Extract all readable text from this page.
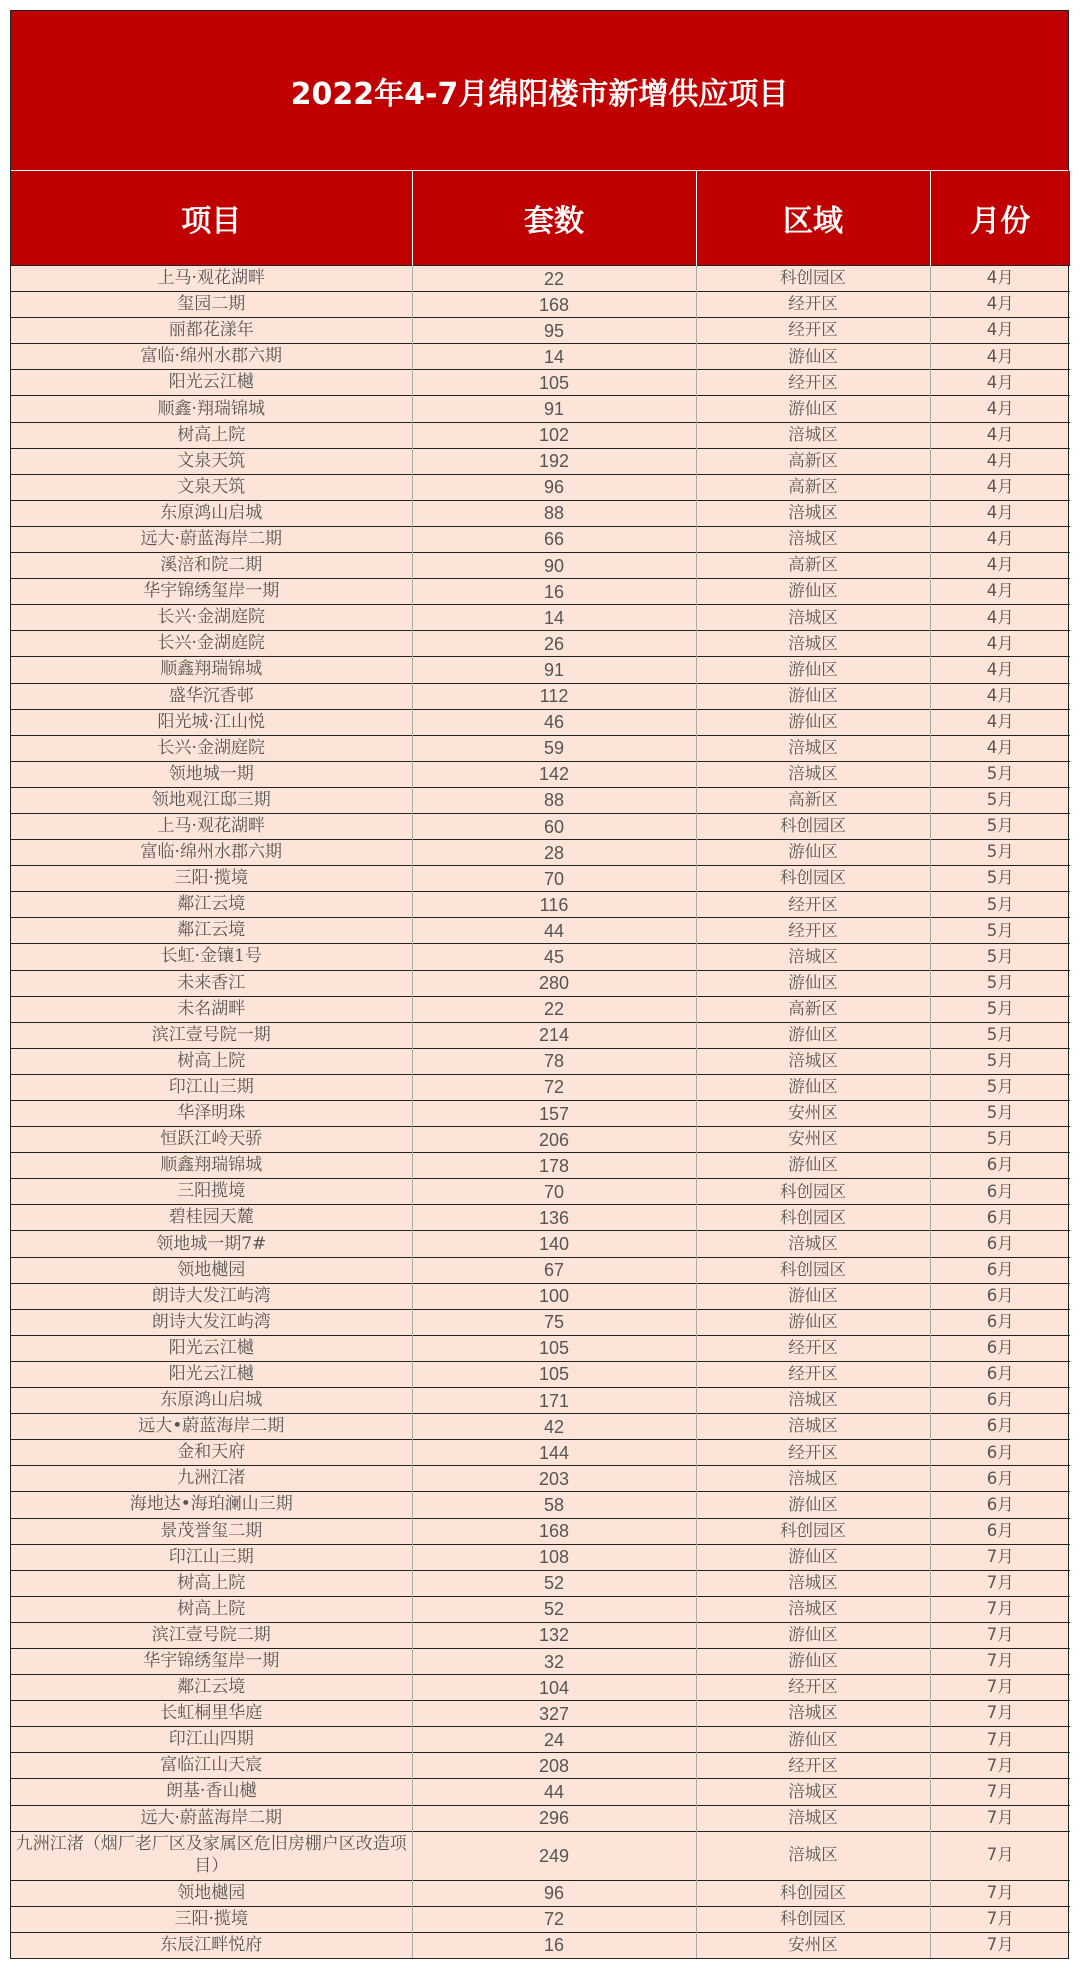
2022年4-7月绵阳楼市新增供应项目
项目	套数	区域	月份
上马·观花湖畔	22	科创园区	4月
玺园二期	168	经开区	4月
丽都花漾年	95	经开区	4月
富临·绵州水郡六期	14	游仙区	4月
阳光云江樾	105	经开区	4月
顺鑫·翔瑞锦城	91	游仙区	4月
树高上院	102	涪城区	4月
文泉天筑	192	高新区	4月
文泉天筑	96	高新区	4月
东原鸿山启城	88	涪城区	4月
远大·蔚蓝海岸二期	66	涪城区	4月
溪涪和院二期	90	高新区	4月
华宇锦绣玺岸一期	16	游仙区	4月
长兴·金湖庭院	14	涪城区	4月
长兴·金湖庭院	26	涪城区	4月
顺鑫翔瑞锦城	91	游仙区	4月
盛华沉香邨	112	游仙区	4月
阳光城·江山悦	46	游仙区	4月
长兴·金湖庭院	59	涪城区	4月
领地城一期	142	涪城区	5月
领地观江邸三期	88	高新区	5月
上马·观花湖畔	60	科创园区	5月
富临·绵州水郡六期	28	游仙区	5月
三阳·揽境	70	科创园区	5月
鄰江云境	116	经开区	5月
鄰江云境	44	经开区	5月
长虹·金镶1号	45	涪城区	5月
未来香江	280	游仙区	5月
未名湖畔	22	高新区	5月
滨江壹号院一期	214	游仙区	5月
树高上院	78	涪城区	5月
印江山三期	72	游仙区	5月
华泽明珠	157	安州区	5月
恒跃江岭天骄	206	安州区	5月
顺鑫翔瑞锦城	178	游仙区	6月
三阳揽境	70	科创园区	6月
碧桂园天麓	136	科创园区	6月
领地城一期7#	140	涪城区	6月
领地樾园	67	科创园区	6月
朗诗大发江屿湾	100	游仙区	6月
朗诗大发江屿湾	75	游仙区	6月
阳光云江樾	105	经开区	6月
阳光云江樾	105	经开区	6月
东原鸿山启城	171	涪城区	6月
远大•蔚蓝海岸二期	42	涪城区	6月
金和天府	144	经开区	6月
九洲江渚	203	涪城区	6月
海地达•海珀澜山三期	58	游仙区	6月
景茂誉玺二期	168	科创园区	6月
印江山三期	108	游仙区	7月
树高上院	52	涪城区	7月
树高上院	52	涪城区	7月
滨江壹号院二期	132	游仙区	7月
华宇锦绣玺岸一期	32	游仙区	7月
鄰江云境	104	经开区	7月
长虹桐里华庭	327	涪城区	7月
印江山四期	24	游仙区	7月
富临江山天宸	208	经开区	7月
朗基·香山樾	44	涪城区	7月
远大·蔚蓝海岸二期	296	涪城区	7月
九洲江渚（烟厂老厂区及家属区危旧房棚户区改造项目）	249	涪城区	7月
领地樾园	96	科创园区	7月
三阳·揽境	72	科创园区	7月
东辰江畔悦府	16	安州区	7月
